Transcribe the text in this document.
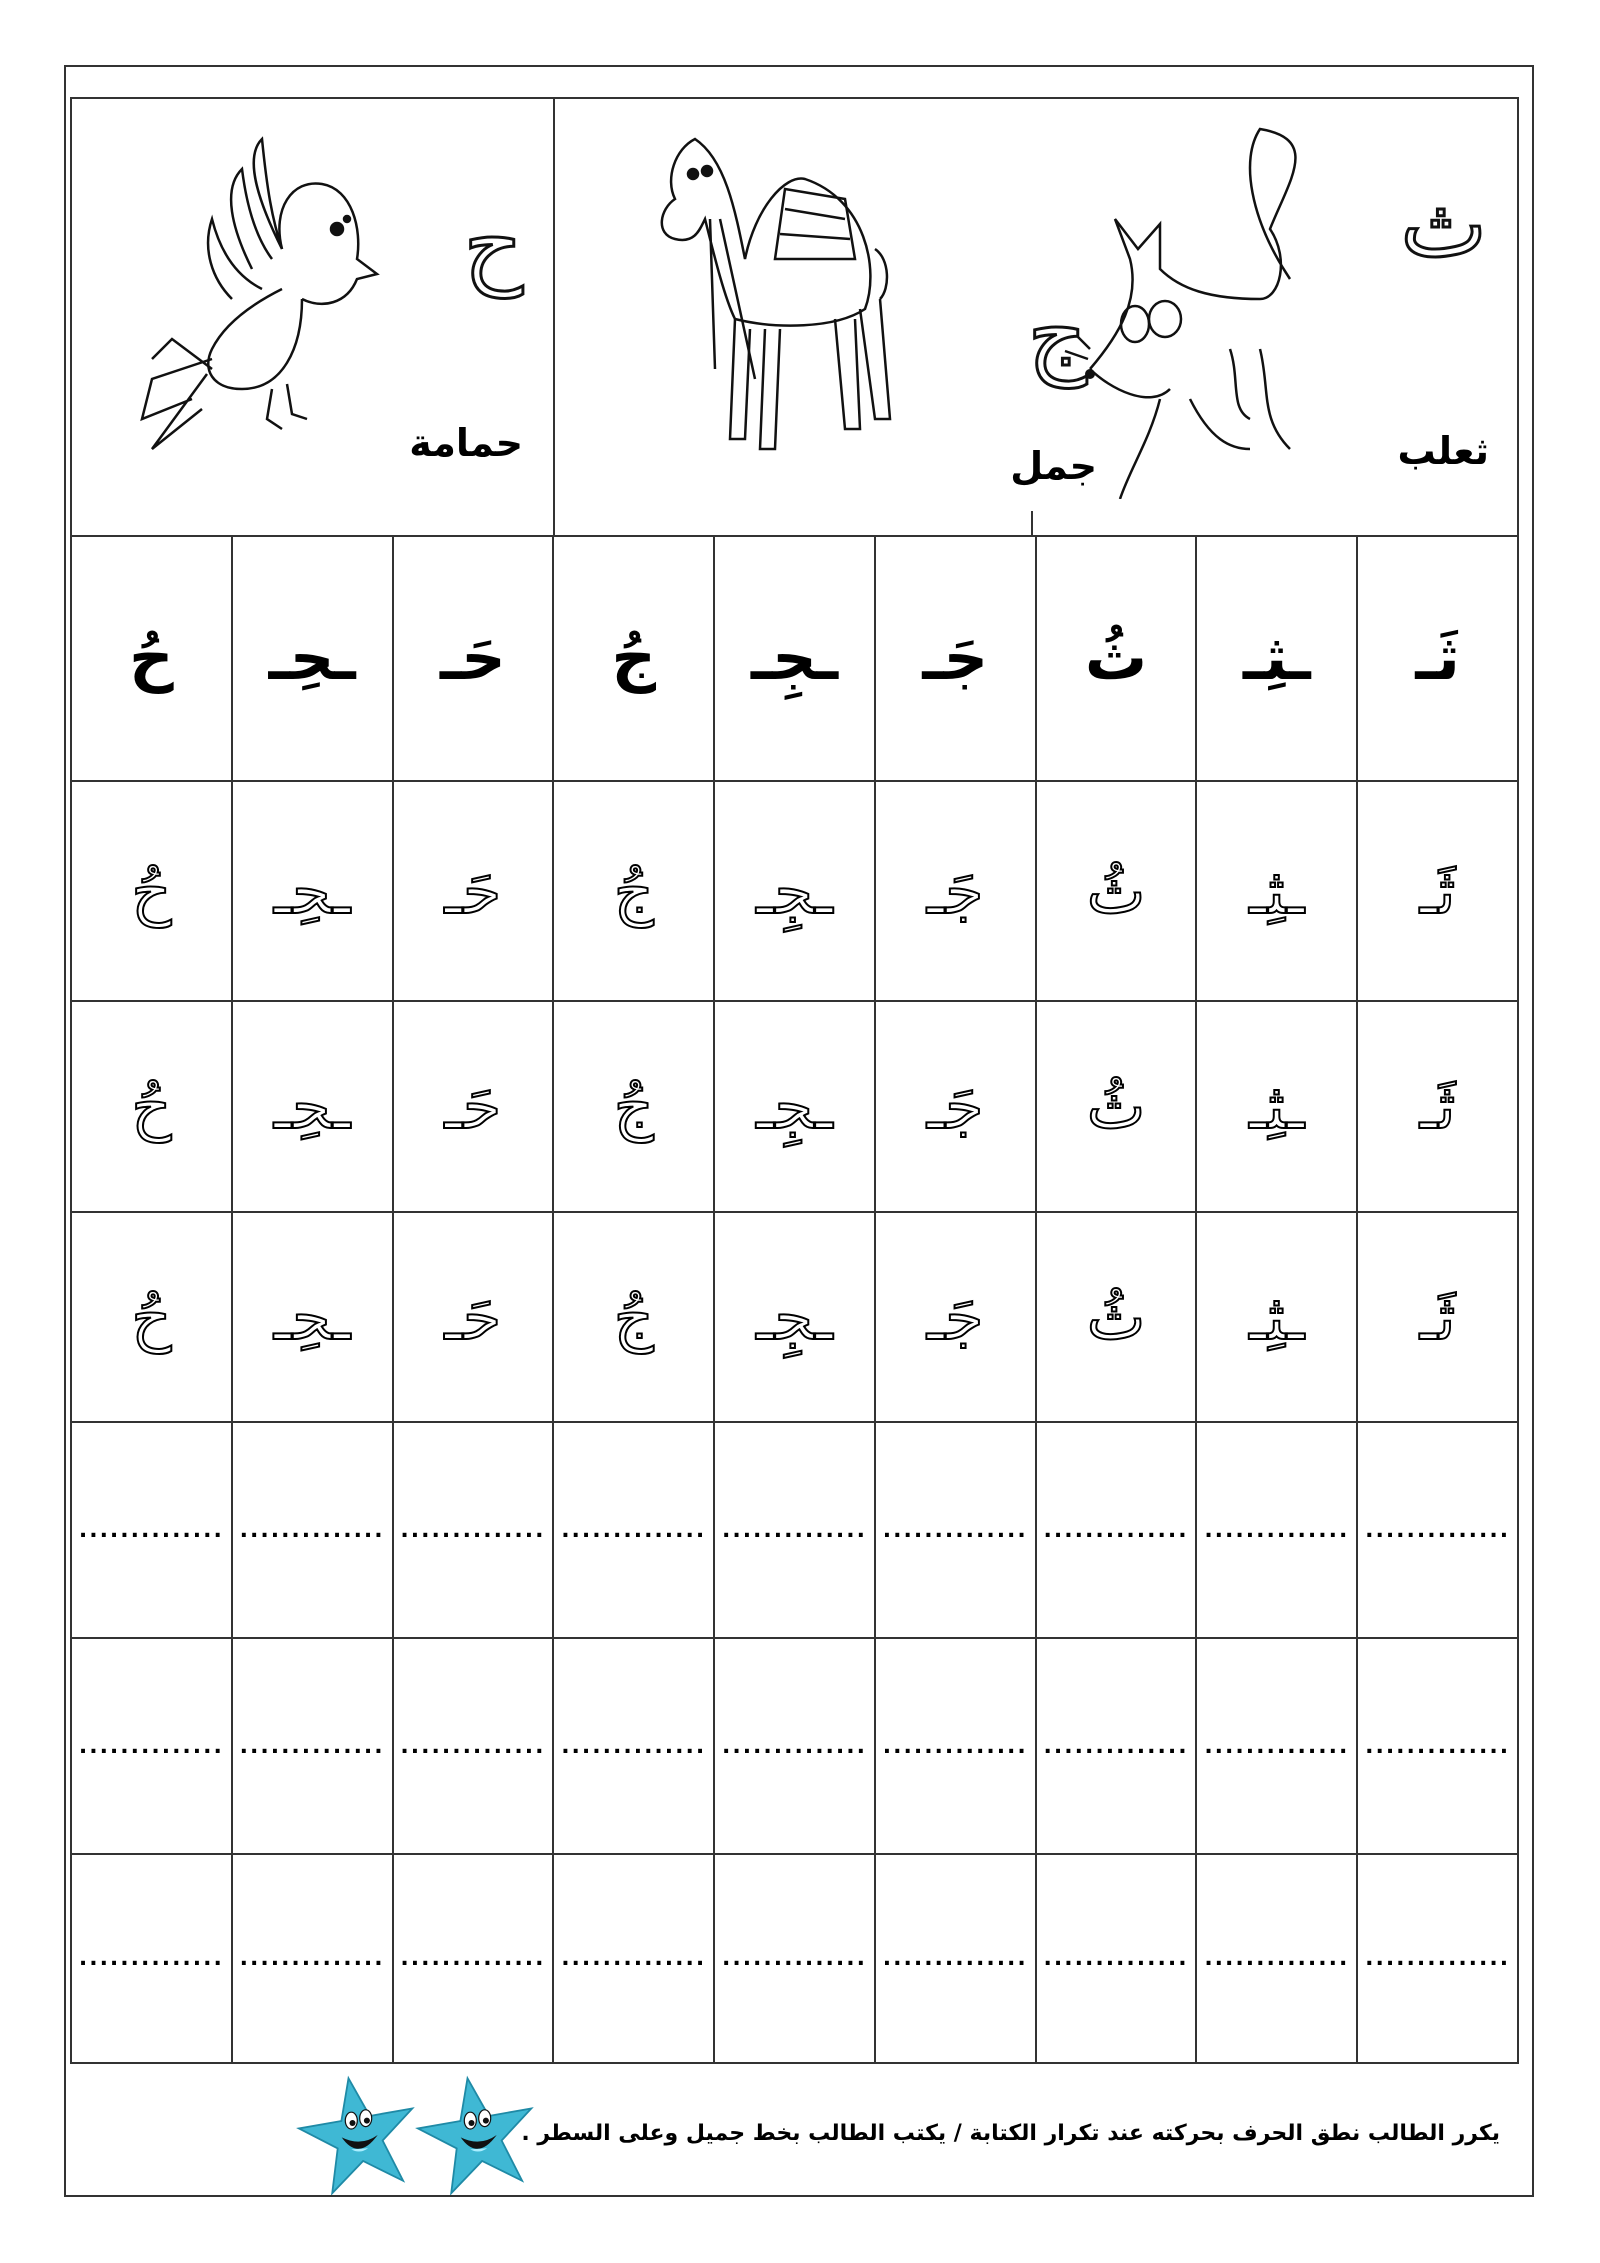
ث
ثعلب
ج
جمل
ح
حمامة
ثَـ
ـثِـ
ثُ
جَـ
ـجِـ
جُ
حَـ
ـحِـ
حُ
ثَـ
ـثِـ
ثُ
جَـ
ـجِـ
جُ
حَـ
ـحِـ
حُ
ثَـ
ـثِـ
ثُ
جَـ
ـجِـ
جُ
حَـ
ـحِـ
حُ
ثَـ
ـثِـ
ثُ
جَـ
ـجِـ
جُ
حَـ
ـحِـ
حُ
..............
..............
..............
..............
..............
..............
..............
..............
..............
..............
..............
..............
..............
..............
..............
..............
..............
..............
..............
..............
..............
..............
..............
..............
..............
..............
..............
يكرر الطالب نطق الحرف بحركته عند تكرار الكتابة / يكتب الطالب بخط جميل وعلى السطر .
